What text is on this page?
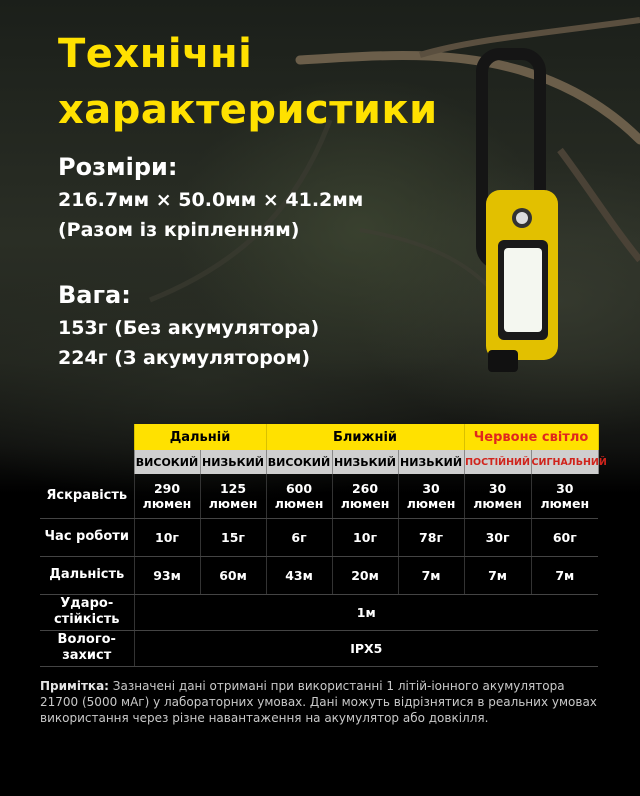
Технічні
характеристики
Розміри:
216.7мм × 50.0мм × 41.2мм
(Разом із кріпленням)
Вага:
153г (Без акумулятора)
224г (З акумулятором)
	Дальній		Ближній			Червоне світло	
	ВИСОКИЙ	НИЗЬКИЙ	ВИСОКИЙ	НИЗЬКИЙ	НИЗЬКИЙ	ПОСТІЙНИЙ	СИГНАЛЬНИЙ
Яскравість	290 люмен	125 люмен	600 люмен	260 люмен	30 люмен	30 люмен	30 люмен
Час роботи	10г	15г	6г	10г	78г	30г	60г
Дальність	93м	60м	43м	20м	7м	7м	7м
Ударо-стійкість	1м						
Волого-захист	IPX5						
Примітка: Зазначені дані отримані при використанні 1 літій-іонного акумулятора 21700 (5000 мАг) у лабораторних умовах. Дані можуть відрізнятися в реальних умовах використання через різне навантаження на акумулятор або довкілля.
